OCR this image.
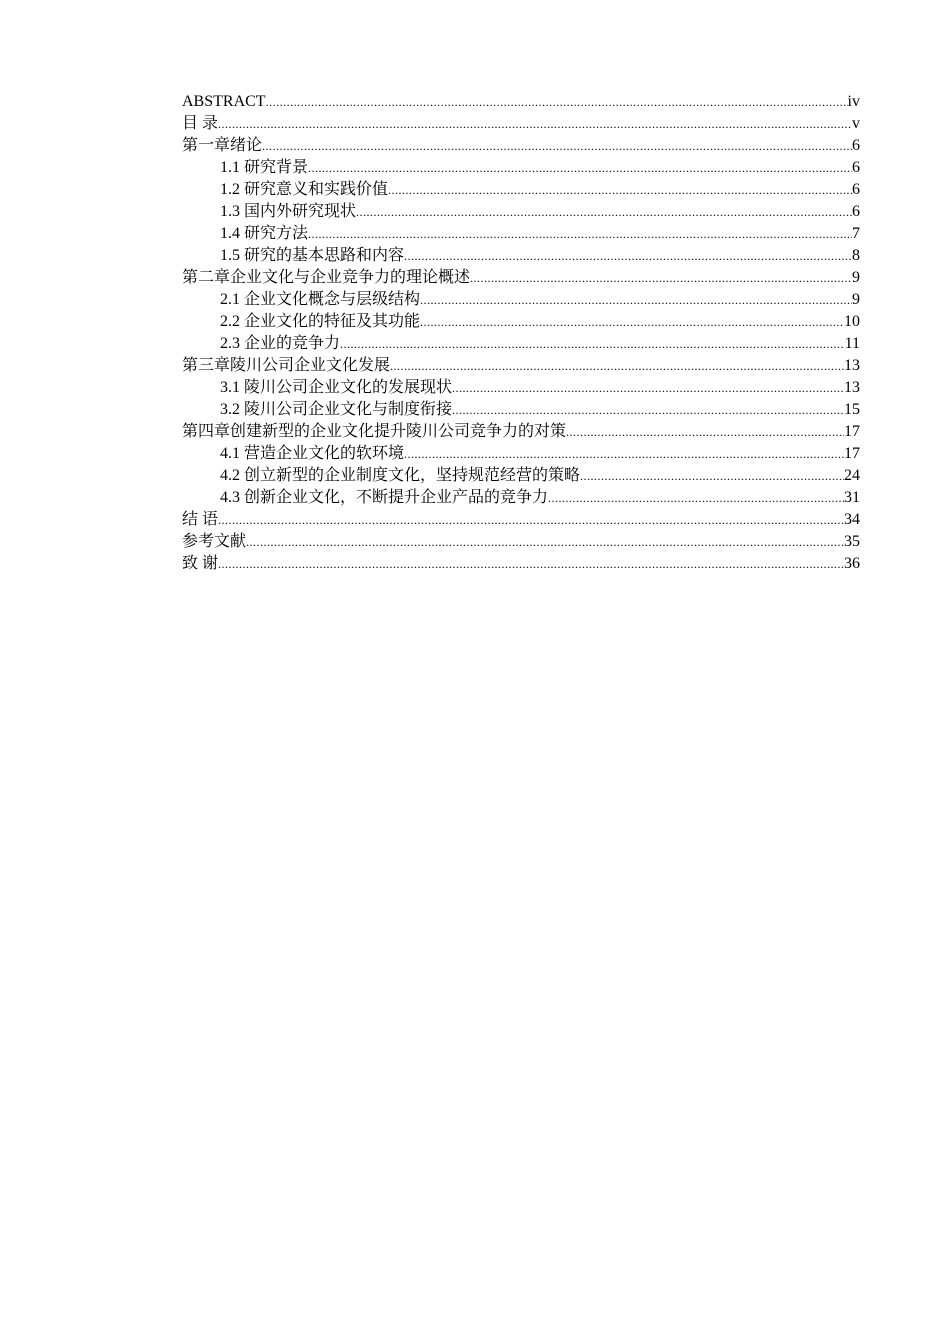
ABSTRACT .....	iv
目 录 .....	v
第一章绪论 .....	6
1.1 研究背景 .....	6
1.2 研究意义和实践价值 .....	6
1.3 国内外研究现状 .....	6
1.4 研究方法 .....	7
1.5 研究的基本思路和内容 .....	8
第二章企业文化与企业竞争力的理论概述 .....	9
2.1 企业文化概念与层级结构 .....	9
2.2 企业文化的特征及其功能 .....	10
2.3 企业的竞争力 .....	11
第三章陵川公司企业文化发展 .....	13
3.1 陵川公司企业文化的发展现状 .....	13
3.2 陵川公司企业文化与制度衔接 .....	15
第四章创建新型的企业文化提升陵川公司竞争力的对策 .....	17
4.1 营造企业文化的软环境 .....	17
4.2 创立新型的企业制度文化，坚持规范经营的策略 .....	24
4.3 创新企业文化，不断提升企业产品的竞争力 .....	31
结 语 .....	34
参考文献 .....	35
致 谢 .....	36
